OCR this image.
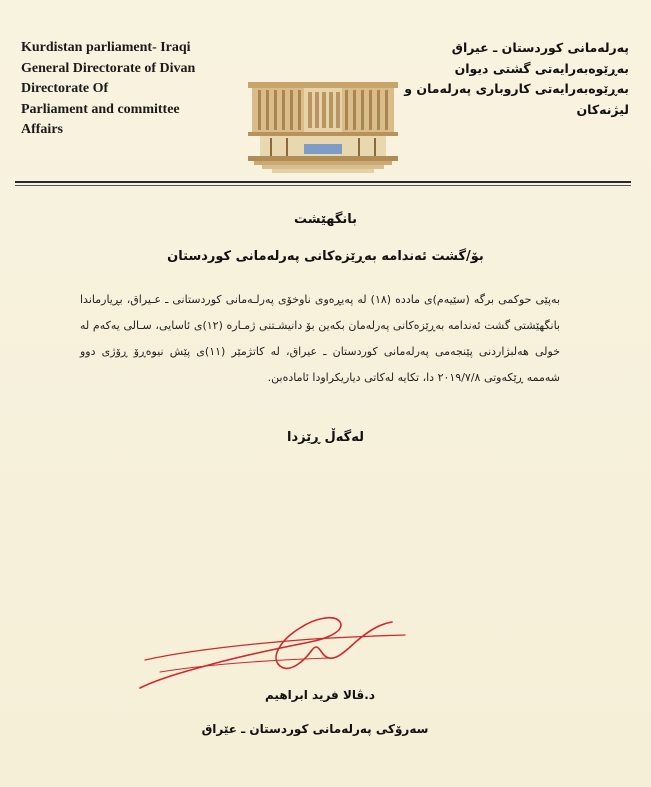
Kurdistan parliament- Iraqi
General Directorate of Divan
Directorate Of
Parliament and committee
Affairs
پەرلەمانی کوردستان ـ عیراق
بەڕێوەبەرایەتی گشتی دیوان
بەڕێوەبەرایەتی کاروباری پەرلەمان و
لیژنەکان
بانگهێشت
بۆ/گشت ئەندامە بەڕێزەکانی پەرلەمانی کوردستان

بەپێی حوکمی برگە (سێیەم)ی ماددە (١٨) لە پەیڕەوی ناوخۆی پەرلـەمانی کوردستانی ـ عـیراق، بڕیارماندا بانگهێشتی گشت ئەندامە بەڕێزەکانی پەرلەمان بکەین بۆ دانیشـتنی ژمـارە (١٢)ی ئاسایی، سـالی یەکەم لە خولی هەلبژاردنی پێنجەمی پەرلەمانی کوردستان ـ عیراق، لە کاتژمێر (١١)ی پێش نیوەڕۆ ڕۆژی دوو شەممە ڕێکەوتی ٢٠١٩/٧/٨ دا، تکایە لەکاتی دیاریکراودا ئامادەبن.

لەگەڵ ڕێزدا
د.ڤالا فرید ابراهیم
سەرۆکی پەرلەمانی کوردستان ـ عێراق
